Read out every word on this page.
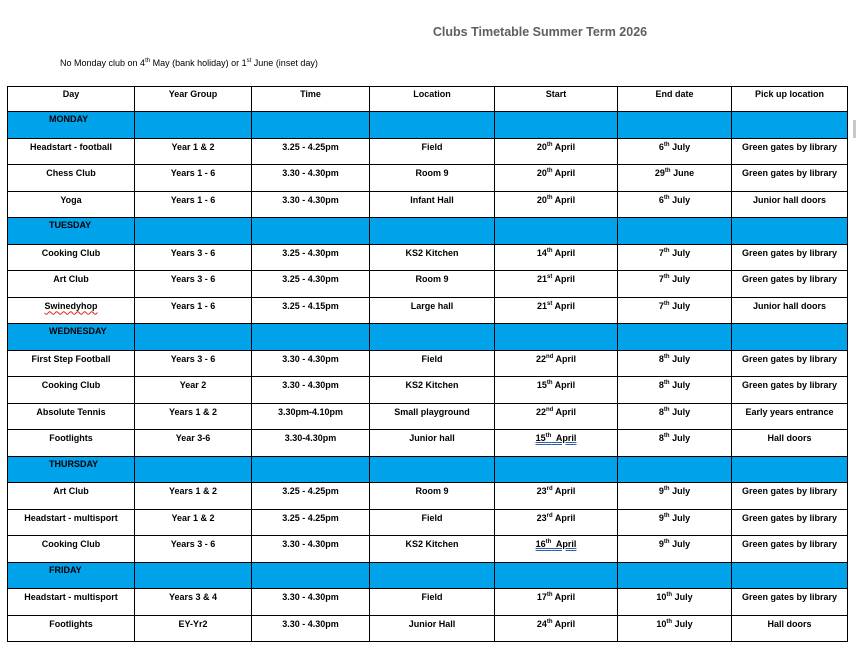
Clubs Timetable Summer Term 2026
No Monday club on 4th May (bank holiday) or 1st June (inset day)
Day	Year Group	Time	Location	Start	End date	Pick up location
MONDAY						
Headstart - football	Year 1 & 2	3.25 - 4.25pm	Field	20th April	6th July	Green gates by library
Chess Club	Years 1 - 6	3.30 - 4.30pm	Room 9	20th April	29th June	Green gates by library
Yoga	Years 1 - 6	3.30 - 4.30pm	Infant Hall	20th April	6th July	Junior hall doors
TUESDAY						
Cooking Club	Years 3 - 6	3.25 - 4.30pm	KS2 Kitchen	14th April	7th July	Green gates by library
Art Club	Years 3 - 6	3.25 - 4.30pm	Room 9	21st April	7th July	Green gates by library
Swinedyhop	Years 1 - 6	3.25 - 4.15pm	Large hall	21st April	7th July	Junior hall doors
WEDNESDAY						
First Step Football	Years 3 - 6	3.30 - 4.30pm	Field	22nd April	8th July	Green gates by library
Cooking Club	Year 2	3.30 - 4.30pm	KS2 Kitchen	15th April	8th July	Green gates by library
Absolute Tennis	Years 1 & 2	3.30pm-4.10pm	Small playground	22nd April	8th July	Early years entrance
Footlights	Year 3-6	3.30-4.30pm	Junior hall	15th  April	8th July	Hall doors
THURSDAY						
Art Club	Years 1 & 2	3.25 - 4.25pm	Room 9	23rd April	9th July	Green gates by library
Headstart - multisport	Year 1 & 2	3.25 - 4.25pm	Field	23rd April	9th July	Green gates by library
Cooking Club	Years 3 - 6	3.30 - 4.30pm	KS2 Kitchen	16th  April	9th July	Green gates by library
FRIDAY						
Headstart - multisport	Years 3 & 4	3.30 - 4.30pm	Field	17th April	10th July	Green gates by library
Footlights	EY-Yr2	3.30 - 4.30pm	Junior Hall	24th April	10th July	Hall doors
